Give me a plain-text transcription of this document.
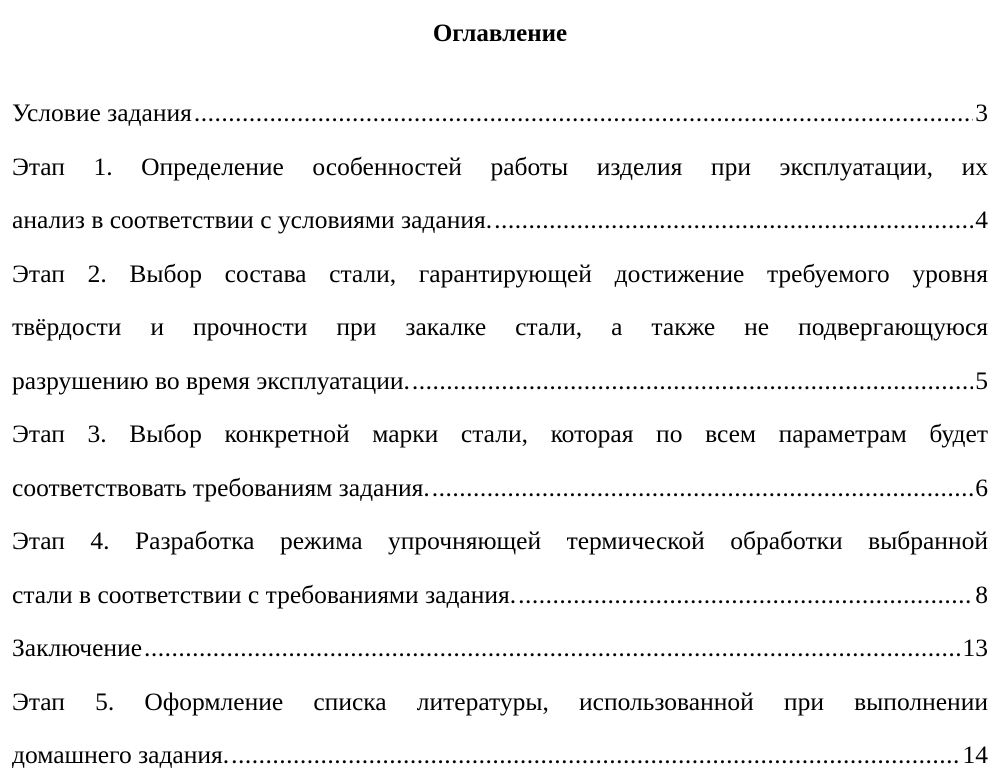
Оглавление
Условие задания .....	3
Этап 1. Определение особенностей работы изделия при эксплуатации, их
анализ в соответствии с условиями задания. .....	4
Этап 2. Выбор состава стали, гарантирующей достижение требуемого уровня
твёрдости и прочности при закалке стали, а также не подвергающуюся
разрушению во время эксплуатации. .....	5
Этап 3. Выбор конкретной марки стали, которая по всем параметрам будет
соответствовать требованиям задания. .....	6
Этап 4. Разработка режима упрочняющей термической обработки выбранной
стали в соответствии с требованиями задания. .....	8
Заключение .....	13
Этап 5. Оформление списка литературы, использованной при выполнении
домашнего задания. .....	14
